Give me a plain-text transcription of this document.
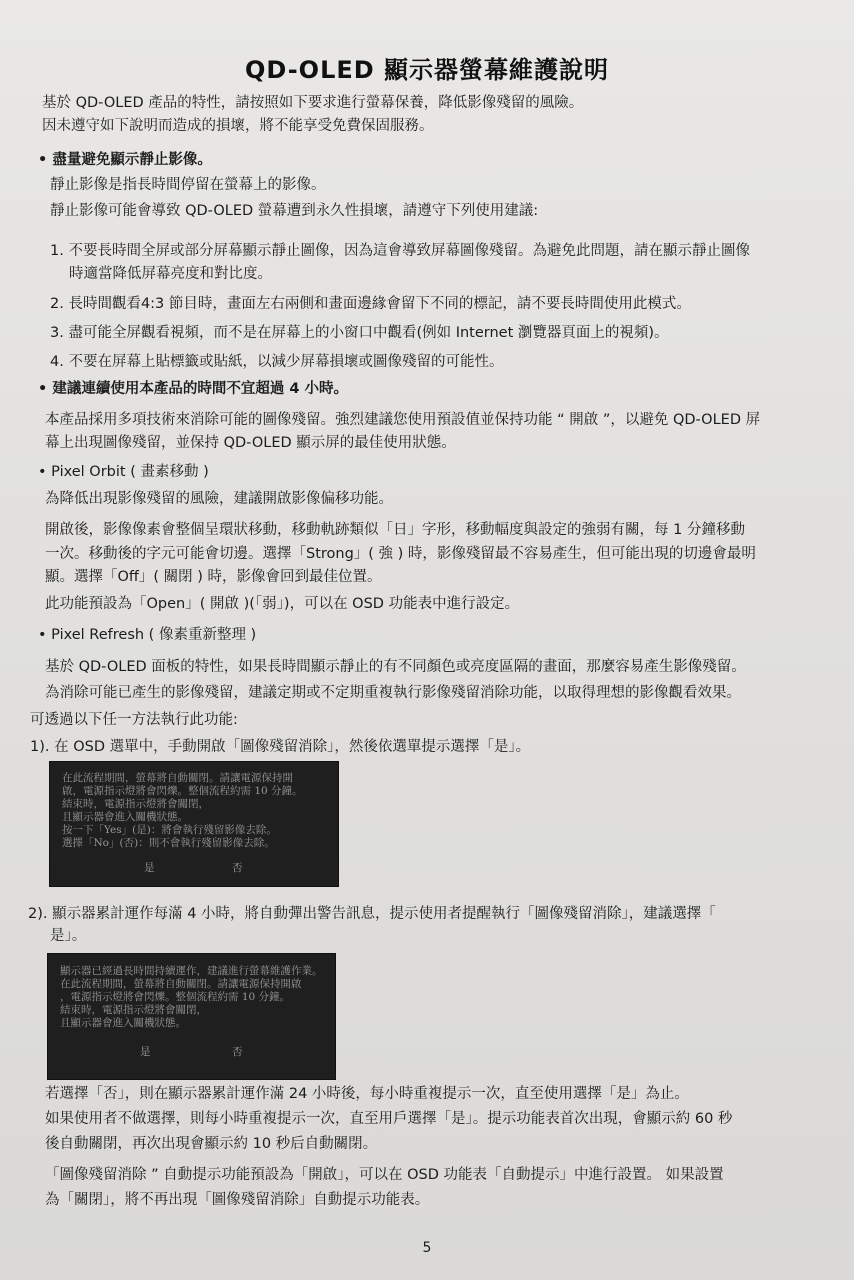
QD-OLED 顯示器螢幕維護說明
基於 QD-OLED 產品的特性，請按照如下要求進行螢幕保養，降低影像殘留的風險。
因未遵守如下說明而造成的損壞，將不能享受免費保固服務。
• 盡量避免顯示靜止影像。
靜止影像是指長時間停留在螢幕上的影像。
靜止影像可能會導致 QD-OLED 螢幕遭到永久性損壞，請遵守下列使用建議:
1. 不要長時間全屏或部分屏幕顯示靜止圖像，因為這會導致屏幕圖像殘留。為避免此問題，請在顯示靜止圖像
時適當降低屏幕亮度和對比度。
2. 長時間觀看4:3 節目時，畫面左右兩側和畫面邊緣會留下不同的標記，請不要長時間使用此模式。
3. 盡可能全屏觀看視頻，而不是在屏幕上的小窗口中觀看(例如 Internet 瀏覽器頁面上的視頻)。
4. 不要在屏幕上貼標籤或貼紙，以減少屏幕損壞或圖像殘留的可能性。
• 建議連續使用本產品的時間不宜超過 4 小時。
本產品採用多項技術來消除可能的圖像殘留。強烈建議您使用預設值並保持功能 “ 開啟 ”，以避免 QD-OLED 屏
幕上出現圖像殘留，並保持 QD-OLED 顯示屏的最佳使用狀態。
• Pixel Orbit ( 畫素移動 )
為降低出現影像殘留的風險，建議開啟影像偏移功能。
開啟後，影像像素會整個呈環狀移動，移動軌跡類似「日」字形，移動幅度與設定的強弱有關，每 1 分鐘移動
一次。移動後的字元可能會切邊。選擇「Strong」( 強 ) 時，影像殘留最不容易產生，但可能出現的切邊會最明
顯。選擇「Off」( 關閉 ) 時，影像會回到最佳位置。
此功能預設為「Open」( 開啟 )(「弱」)，可以在 OSD 功能表中進行設定。
• Pixel Refresh ( 像素重新整理 )
基於 QD-OLED 面板的特性，如果長時間顯示靜止的有不同顏色或亮度區隔的畫面，那麼容易產生影像殘留。
為消除可能已產生的影像殘留，建議定期或不定期重複執行影像殘留消除功能，以取得理想的影像觀看效果。
可透過以下任一方法執行此功能:
1). 在 OSD 選單中，手動開啟「圖像殘留消除」，然後依選單提示選擇「是」。
在此流程期間，螢幕將自動關閉。請讓電源保持開
啟，電源指示燈將會閃爍。整個流程約需 10 分鐘。
結束時，電源指示燈將會關閉，
且顯示器會進入關機狀態。
按一下「Yes」(是)：將會執行殘留影像去除。
選擇「No」(否)：則不會執行殘留影像去除。
是	否
2). 顯示器累計運作每滿 4 小時，將自動彈出警告訊息，提示使用者提醒執行「圖像殘留消除」，建議選擇「
是」。
顯示器已經過長時間持續運作，建議進行螢幕維護作業。
在此流程期間，螢幕將自動關閉。請讓電源保持開啟
，電源指示燈將會閃爍。整個流程約需 10 分鐘。
結束時，電源指示燈將會關閉，
且顯示器會進入關機狀態。
是	否
若選擇「否」，則在顯示器累計運作滿 24 小時後，每小時重複提示一次，直至使用選擇「是」為止。
如果使用者不做選擇，則每小時重複提示一次，直至用戶選擇「是」。提示功能表首次出現，會顯示約 60 秒
後自動關閉，再次出現會顯示約 10 秒后自動關閉。
「圖像殘留消除 ” 自動提示功能預設為「開啟」，可以在 OSD 功能表「自動提示」中進行設置。 如果設置
為「關閉」，將不再出現「圖像殘留消除」自動提示功能表。
5
